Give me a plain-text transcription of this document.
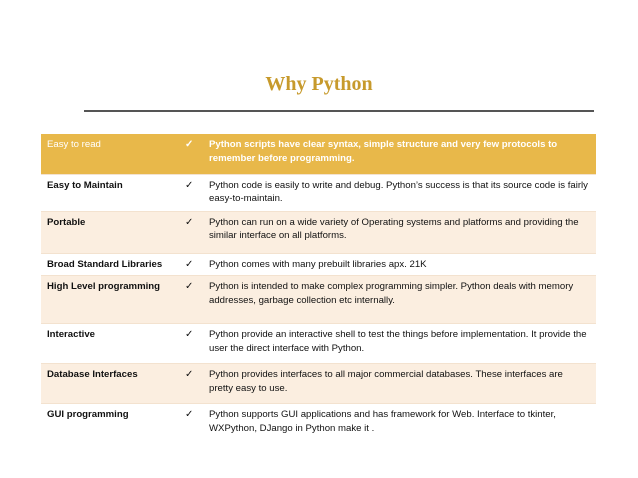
Why Python
Easy to read	✓	Python scripts have clear syntax, simple structure and very few protocols to remember before programming.
Easy to Maintain	✓	Python code is easily to write and debug. Python’s success is that its source code is fairly easy-to-maintain.
Portable	✓	Python can run on a wide variety of Operating systems and platforms and providing the similar interface on all platforms.
Broad Standard Libraries	✓	Python comes with many prebuilt libraries apx. 21K
High Level programming	✓	Python is intended to make complex programming simpler. Python deals with memory addresses, garbage collection etc internally.
Interactive	✓	Python provide an interactive shell to test the things before implementation. It provide the user the direct interface with Python.
Database Interfaces	✓	Python provides interfaces to all major commercial databases. These interfaces are pretty easy to use.
GUI programming	✓	Python supports GUI applications and has framework for Web. Interface to tkinter, WXPython, DJango in Python make it .
